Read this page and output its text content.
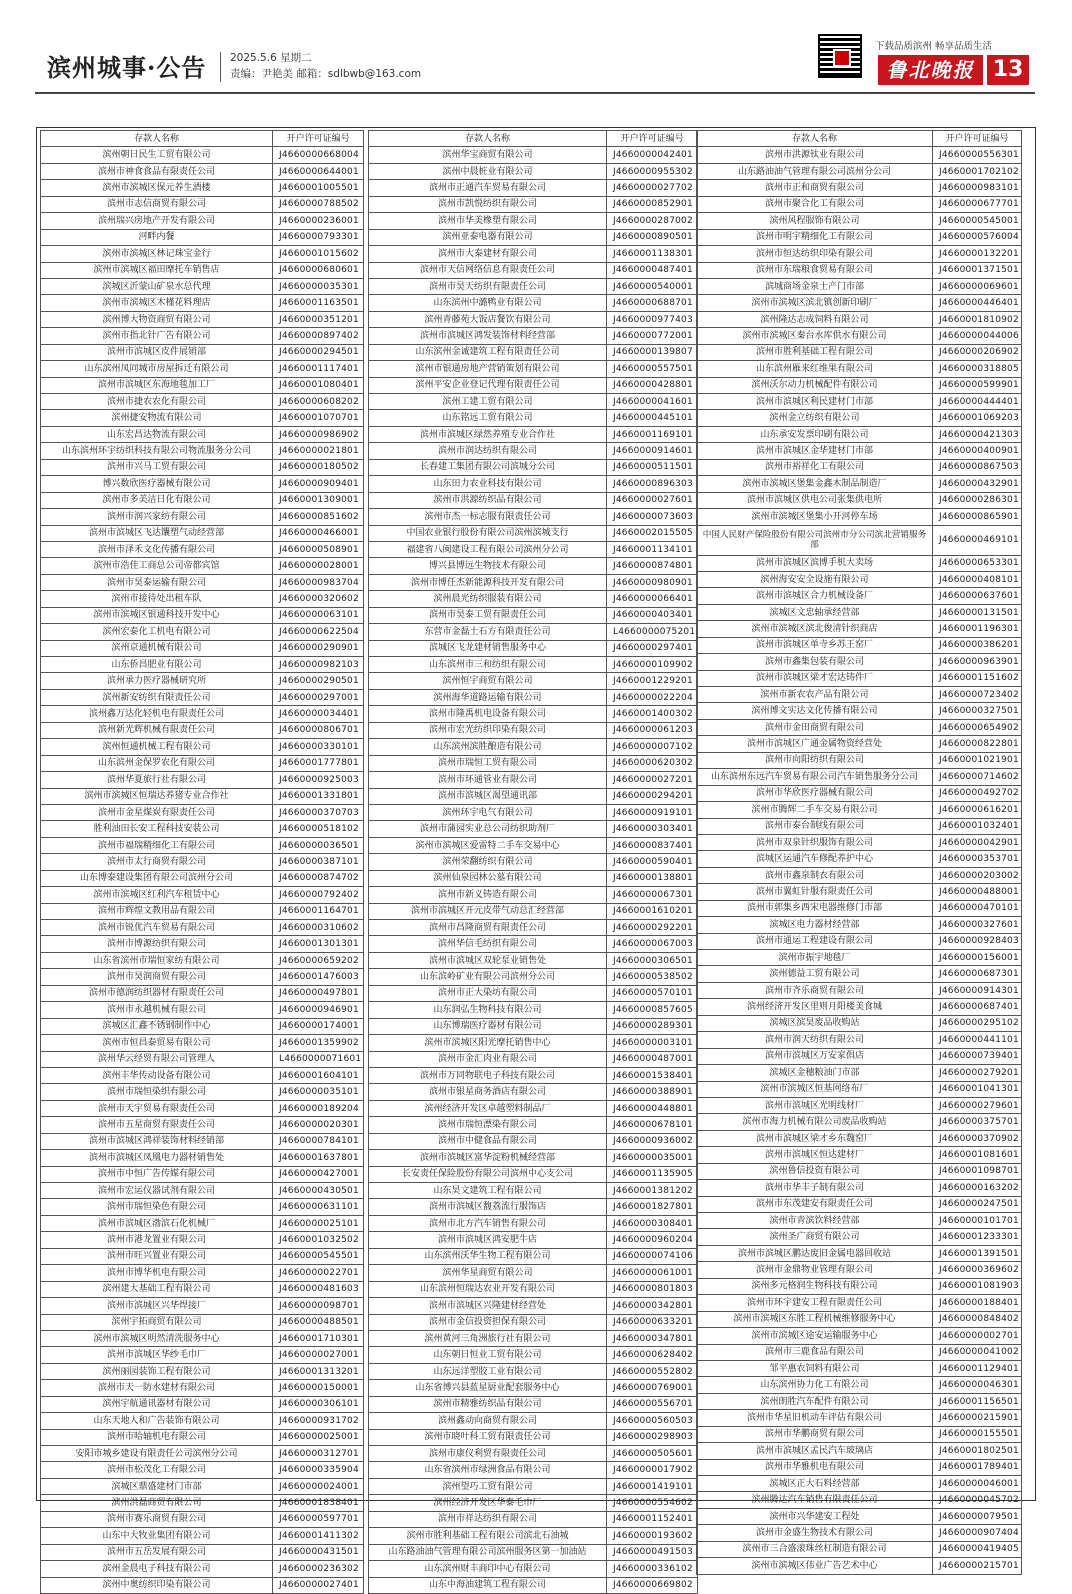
滨州城事·公告 2025.5.6 星期二
责编：尹艳美 邮箱：sdlbwb@163.com
下载品质滨州 畅享品质生活
鲁北晚报 13
存款人名称	开户许可证编号
滨州朝日民生工贸有限公司	J4660000668004
滨州市神食食品有限责任公司	J4660000644001
滨州市滨城区保元养生酒楼	J4660001005501
滨州市志信商贸有限公司	J4660000788502
滨州瑞兴房地产开发有限公司	J4660000236001
河畔内餐	J4660000793301
滨州市滨城区林记珠宝金行	J4660001015602
滨州市滨城区福田摩托车销售店	J4660000680601
滨城区沂蒙山矿泉水总代理	J4660000035301
滨州市滨城区木槿花料理店	J4660001163501
滨州博大物资商贸有限公司	J4660000351201
滨州市指北针广告有限公司	J4660000897402
滨州市滨城区皮件展销部	J4660000294501
山东滨州凤同城市房屋拆迁有限公司	J4660001117401
滨州市滨城区东海地毯加工厂	J4660001080401
滨州市捷农农化有限公司	J4660000608202
滨州捷安物流有限公司	J4660001070701
山东宏昌达物流有限公司	J4660000986902
山东滨州环宇纺织科技有限公司物流服务分公司	J4660000021801
滨州市兴马工贸有限公司	J4660000180502
博兴数欣医疗器械有限公司	J4660000909401
滨州市多美洁日化有限公司	J4660001309001
滨州市润兴家纺有限公司	J4660000851602
滨州市滨城区飞达馕塑气动经营部	J4660000466001
滨州市泽禾文化传播有限公司	J4660000508901
滨州市浩佳工商总公司帝都宾馆	J4660000028001
滨州市昊泰运输有限公司	J4660000983704
滨州市接待处出租车队	J4660000320602
滨州市滨城区银通科技开发中心	J4660000063101
滨州宏泰化工机电有限公司	J4660000622504
滨州京通机械有限公司	J4660000290901
山东侨昌肥业有限公司	J4660000982103
滨州承力医疗器械研究所	J4660000290501
滨州新安纺织有限责任公司	J4660000297001
滨州鑫万达化轻机电有限责任公司	J4660000034401
滨州新光辉机械有限责任公司	J4660000806701
滨州恒通机械工程有限公司	J4660000330101
山东滨州金保罗农化有限公司	J4660001777801
滨州华夏旅行社有限公司	J4660000925003
滨州市滨城区恒瑞达养猪专业合作社	J4660001331801
滨州市金星煤炭有限责任公司	J4660000370703
胜利油田长安工程科技安装公司	J4660000518102
滨州市福瑞精细化工有限公司	J4660000036501
滨州市太行商贸有限公司	J4660000387101
山东博泰建设集团有限公司滨州分公司	J4660000874702
滨州市滨城区红利汽车租赁中心	J4660000792402
滨州市辉煌文教用品有限公司	J4660001164701
滨州市锐优汽车贸易有限公司	J4660000310602
滨州市博源纺织有限公司	J4660001301301
山东省滨州市瑞恒家纺有限公司	J4660000659202
滨州市昊润商贸有限公司	J4660001476003
滨州市德润纺织器材有限责任公司	J4660000497801
滨州市永越机械有限公司	J4660000946901
滨城区汇鑫不锈钢制作中心	J4660000174001
滨州市恒昌泰贸易有限公司	J4660001359902
滨州华云经贸有限公司管理人	L4660000071601
滨州丰华传动设备有限公司	J4660001604101
滨州市瑞恒染织有限公司	J4660000035101
滨州市天宇贸易有限责任公司	J4660000189204
滨州市五星商贸有限责任公司	J4660000020301
滨州市滨城区鸿祥装饰材料经销部	J4660000784101
滨州市滨城区凤凰电力器材销售处	J4660001637801
滨州市中恒广告传媒有限公司	J4660000427001
滨州市宏运仪器试剂有限公司	J4660000430501
滨州市瑞恒染色有限公司	J4660000631101
滨州市滨城区渤滨石化机械厂	J4660000025101
滨州市港龙置业有限公司	J4660001032502
滨州市旺兴置业有限公司	J4660000545501
滨州市博华机电有限公司	J4660000022701
滨州建大基础工程有限公司	J4660000481603
滨州市滨城区兴华焊接厂	J4660000098701
滨州宇拓商贸有限公司	J4660000488501
滨州市滨城区明然清洗服务中心	J4660001710301
滨州市滨城区华纱毛巾厂	J4660000027001
滨州丽园装饰工程有限公司	J4660001313201
滨州市天一防水建材有限公司	J4660000150001
滨州宇航通讯器材有限公司	J4660000306101
山东天地人和广告装饰有限公司	J4660000931702
滨州市哈轴机电有限公司	J4660000025001
安阳市城乡建设有限责任公司滨州分公司	J4660000312701
滨州市松茂化工有限公司	J4660000335904
滨城区鼎盛建材门市部	J4660000024001
滨州洪磊商贸有限公司	J4660001838401
滨州市赛乐商贸有限公司	J4660000597701
山东中大牧业集团有限公司	J4660001411302
滨州市五岳发展有限公司	J4660000431501
滨州金晨电子科技有限公司	J4660000236302
滨州中奥纺织印染有限公司	J4660000027401
存款人名称	开户许可证编号
滨州华宝商贸有限公司	J4660000042401
滨州中晨桩业有限公司	J4660000955302
滨州市正通汽车贸易有限公司	J4660000027702
滨州市凯悦纺织有限公司	J4660000852901
滨州市华美橡塑有限公司	J4660000287002
滨州亚泰电器有限公司	J4660000890501
滨州市大泰建材有限公司	J4660001138301
滨州市天信网络信息有限责任公司	J4660000487401
滨州市昊天纺织有限责任公司	J4660000540001
山东滨州中潞鸭业有限公司	J4660000688701
滨州青藤苑大饭店餐饮有限公司	J4660000977403
滨州市滨城区鸿发装饰材料经营部	J4660000772001
山东滨州金诚建筑工程有限责任公司	J4660000139807
滨州市银通房地产营销策划有限公司	J4660000557501
滨州平安企业登记代理有限责任公司	J4660000428801
滨州工建工贸有限公司	J4660000041601
山东铭远工贸有限公司	J4660000445101
滨州市滨城区绿然养殖专业合作社	J4660001169101
滨州市润达纺织有限公司	J4660000914601
长春建工集团有限公司滨城分公司	J4660000511501
山东田力农业科技有限公司	J4660000896303
滨州市洪源纺织品有限公司	J4660000027601
滨州市杰一标志服有限责任公司	J4660000073603
中国农业银行股份有限公司滨州滨城支行	J4660002015505
福建省八闽建设工程有限公司滨州分公司	J4660001134101
博兴县博远生物技术有限公司	J4660000874801
滨州市博任杰新能源科技开发有限公司	J4660000980901
滨州晨光纺织服装有限公司	J4660000066401
滨州市昊泰工贸有限责任公司	J4660000403401
东营市金磊土石方有限责任公司	L4660000075201
滨城区飞龙建材销售服务中心	J4660000297401
山东滨州市三和纺织有限公司	J4660000109902
滨州恒宇商贸有限公司	J4660001229201
滨州海华道路运输有限公司	J4660000022204
滨州市隆禹机电设备有限公司	J4660001400302
滨州市宏光纺织印染有限公司	J4660000061203
山东滨州滨胜酿造有限公司	J4660000007102
滨州市瑞恒工贸有限公司	J4660000620302
滨州市环通管业有限公司	J4660000027201
滨州市滨城区渴望通讯部	J4660000294201
滨州环宇电气有限公司	J4660000919101
滨州市蒲园实业总公司纺织助剂厂	J4660000303401
滨州市滨城区爱雷特二手车交易中心	J4660000837401
滨州荣翻纺织有限公司	J4660000590401
滨州仙泉园林公墓有限公司	J4660000138801
滨州市新义铸造有限公司	J4660000067301
滨州市滨城区开元皮带气动总汇经营部	J4660001610201
滨州市昌隆商贸有限责任公司	J4660000292201
滨州华信毛纺织有限公司	J4660000067003
滨州市滨城区双轮泵业销售处	J4660000306501
山东滨岭矿业有限公司滨州分公司	J4660000538502
滨州市正大染坊有限公司	J4660000570101
山东润弘生物科技有限公司	J4660000857605
山东博瑞医疗器材有限公司	J4660000289301
滨州市滨城区阳光摩托销售中心	J4660000003101
滨州市金汇肉业有限公司	J4660000487001
滨州市万同物联电子科技有限公司	J4660001538401
滨州市银星商务酒店有限公司	J4660000388901
滨州经济开发区卓越塑料制品厂	J4660000448801
滨州市瑞恒漂染有限公司	J4660000678101
滨州市中健食品有限公司	J4660000936002
滨州市滨城区富华淀粉机械经营部	J4660000035001
长安责任保险股份有限公司滨州中心支公司	J4660001135905
山东昊文建筑工程有限公司	J4660001381202
滨州市滨城区馥荔流行服饰店	J4660001827801
滨州市北方汽车销售有限公司	J4660000308401
滨州市滨城区鸿安肥牛店	J4660000960204
山东滨州沃华生物工程有限公司	J4660000074106
滨州华星商贸有限公司	J4660000061001
山东滨州恒瑞达农业开发有限公司	J4660000801803
滨州市滨城区兴隆建材经营处	J4660000342801
滨州市金信投资担保有限公司	J4660000633201
滨州黄河三角洲旅行社有限公司	J4660000347801
山东朝日恒业工贸有限公司	J4660000628402
山东远洋塑胶工业有限公司	J4660000552802
山东省博兴县蓝星厨业配套服务中心	J4660000769001
滨州市精雅纺织品有限公司	J4660000556701
滨州鑫动向商贸有限公司	J4660000560503
滨州市晓叶科工贸有限责任公司	J4660000298903
滨州市康仪利贸有限责任公司	J4660000505601
山东省滨州市绿洲食品有限公司	J4660000017902
滨州望巧工贸有限公司	J4660001419101
滨州经济开发区华泰毛巾厂	J4660000554602
滨州市祥达纺织有限公司	J4660001152401
滨州市胜利基础工程有限公司滨北石油城	J4660000193602
山东路油油气管理有限公司滨州服务区第一加油站	J4660000491503
山东滨州财丰商印中心有限公司	J4660000336102
山东中海油建筑工程有限公司	J4660000669802
存款人名称	开户许可证编号
滨州市洪源钛业有限公司	J4660000556301
山东路油油气管理有限公司滨州分公司	J4660001702102
滨州市正和商贸有限公司	J4660000983101
滨州市聚合化工有限公司	J4660000677701
滨州风程服饰有限公司	J4660000545001
滨州市明宇精细化工有限公司	J4660000576004
滨州市恒达纺织印染有限公司	J4660000132201
滨州市东瑞粮食贸易有限公司	J4660001371501
滨城商场金泉士产门市部	J4660000069601
滨州市滨城区滨北镇创新印刷厂	J4660000446401
滨州隆达志成饲料有限公司	J4660001810902
滨州市滨城区秦台水库供水有限公司	J4660000044006
滨州市胜利基础工程有限公司	J4660000206902
山东滨州雁来红维果有限公司	J4660000318805
滨州沃尔动力机械配件有限公司	J4660000599901
滨州市滨城区利民建材门市部	J4660000444401
滨州金立纺织有限公司	J4660001069203
山东承安发票印刷有限公司	J4660000421303
滨州市滨城区金华建材门市部	J4660000400901
滨州市裕祥化工有限公司	J4660000867503
滨州市滨城区堡集金鑫木制品制造厂	J4660000432901
滨州市滨城区供电公司张集供电所	J4660000286301
滨州市滨城区堡集小开河停车场	J4660000865901
中国人民财产保险股份有限公司滨州市分公司滨北营销服务部	J4660000469101
滨州市滨城区滨博手机大卖场	J4660000653301
滨州海安安全设施有限公司	J4660000408101
滨州市滨城区合力机械设备厂	J4660000637601
滨城区文忠轴承经营部	J4660000131501
滨州市滨城区滨北俊清针织商店	J4660001196301
滨州市滨城区单寺乡苏王窑厂	J4660000386201
滨州市鑫集包装有限公司	J4660000963901
滨州市滨城区梁才宏达铸件厂	J4660001151602
滨州市新农农产品有限公司	J4660000723402
滨州博文实达文化传播有限公司	J4660000327501
滨州市金田商贸有限公司	J4660000654902
滨州市滨城区广通金属物资经营处	J4660000822801
滨州市向阳纺织有限公司	J4660001021901
山东滨州东远汽车贸易有限公司汽车销售服务分公司	J4660000714602
滨州市华欣医疗器械有限公司	J4660000492702
滨州市腾辉二手车交易有限公司	J4660000616201
滨州市泰台制线有限公司	J4660001032401
滨州市双泉针织服饰有限公司	J4660000042901
滨城区运通汽车修配养护中心	J4660000353701
滨州市鑫泉制衣有限公司	J4660000203002
滨州市翼虹针服有限责任公司	J4660000488001
滨州市郭集乡西宋电器维修门市部	J4660000470101
滨城区电力器材经营部	J4660000327601
滨州市通运工程建设有限公司	J4660000928403
滨州市振宇地毯厂	J4660000156001
滨州德益工贸有限公司	J4660000687301
滨州市齐乐商贸有限公司	J4660000914301
滨州经济开发区里则月阳楼美食城	J4660000687401
滨城区滨昊废品收购站	J4660000295102
滨州市润天纺织有限公司	J4660000441101
滨州市滨城区万安家俱店	J4660000739401
滨城区金穗粮油门市部	J4660000279201
滨州市滨城区恒基网络布厂	J4660001041301
滨州市滨城区光明线材厂	J4660000279601
滨州市海力机械有限公司废品收购站	J4660000375701
滨州市滨城区梁才乡东魏窑厂	J4660000370902
滨州市滨城区恒达建材厂	J4660001081601
滨州鲁信投资有限公司	J4660001098701
滨州市华丰子制有限公司	J4660000163202
滨州市东茂建安有限责任公司	J4660000247501
滨州市青滨饮料经营部	J4660000101701
滨州圣广商贸有限公司	J4660001233301
滨州市滨城区鹏达废旧金属电器回收站	J4660001391501
滨州市金鼎物业管理有限公司	J4660000369602
滨州多元格润生物科技有限公司	J4660001081903
滨州市环宇建安工程有限责任公司	J4660000188401
滨州市滨城区东胜工程机械维修服务中心	J4660000848402
滨州市滨城区途安运输服务中心	J4660000002701
滨州市三鹿食品有限公司	J4660000041002
邹平惠农饲料有限公司	J4660001129401
山东滨州协力化工有限公司	J4660000046301
滨州朗胜汽车配件有限公司	J4660001156501
滨州市华星旧机动车评估有限公司	J4660000215901
滨州市华鹏商贸有限公司	J4660000155501
滨州市滨城区孟民汽车玻璃店	J4660001802501
滨州市华雅机电有限公司	J4660001789401
滨城区正大石料经营部	J4660000046001
滨州腾达汽车销售有限责任公司	J4660000045702
滨州市兴华建安工程处	J4660000079501
滨州市金盛生物技术有限公司	J4660000907404
滨州市三合盛滚珠丝杠制造有限公司	J4660000419405
滨州市滨城区伟业广告艺术中心	J4660000215701
